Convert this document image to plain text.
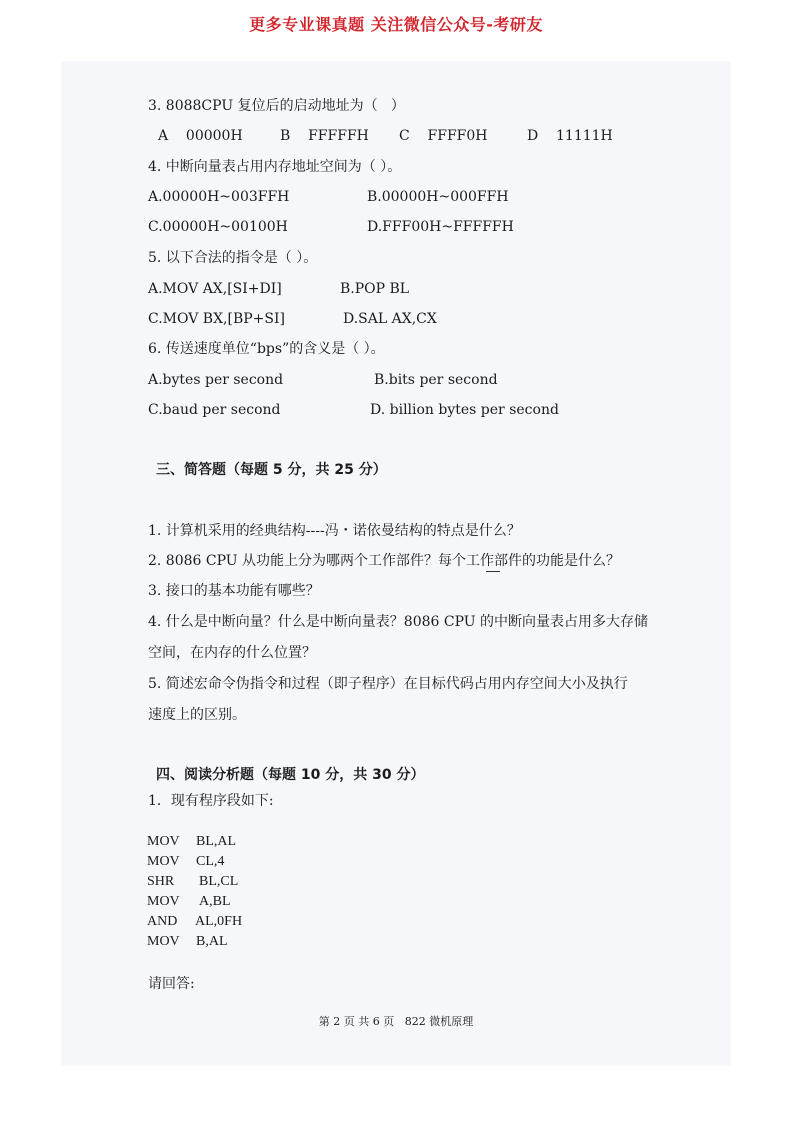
更多专业课真题 关注微信公众号-考研友
3. 8088CPU 复位后的启动地址为（   ）
A    00000H	B    FFFFFH C    FFFF0H	D    11111H
4. 中断向量表占用内存地址空间为（ ）。
A.00000H~003FFH	B.00000H~000FFH
C.00000H~00100H	D.FFF00H~FFFFFH
5. 以下合法的指令是（ ）。
A.MOV AX,[SI+DI]	B.POP BL
C.MOV BX,[BP+SI]	D.SAL AX,CX
6. 传送速度单位“bps”的含义是（ ）。
A.bytes per second	B.bits per second
C.baud per second	D. billion bytes per second
三、简答题（每题 5 分，共 25 分）
1. 计算机采用的经典结构----冯・诺依曼结构的特点是什么？
2. 8086 CPU 从功能上分为哪两个工作部件？每个工作部件的功能是什么？
3. 接口的基本功能有哪些？
4. 什么是中断向量？什么是中断向量表？8086 CPU 的中断向量表占用多大存储
空间，在内存的什么位置？
5. 简述宏命令伪指令和过程（即子程序）在目标代码占用内存空间大小及执行
速度上的区别。
四、阅读分析题（每题 10 分，共 30 分）
1．现有程序段如下:
MOV BL,AL
MOV CL,4
SHR BL,CL
MOV A,BL
AND AL,0FH
MOV B,AL
请回答:
第 2 页 共 6 页   822 微机原理
